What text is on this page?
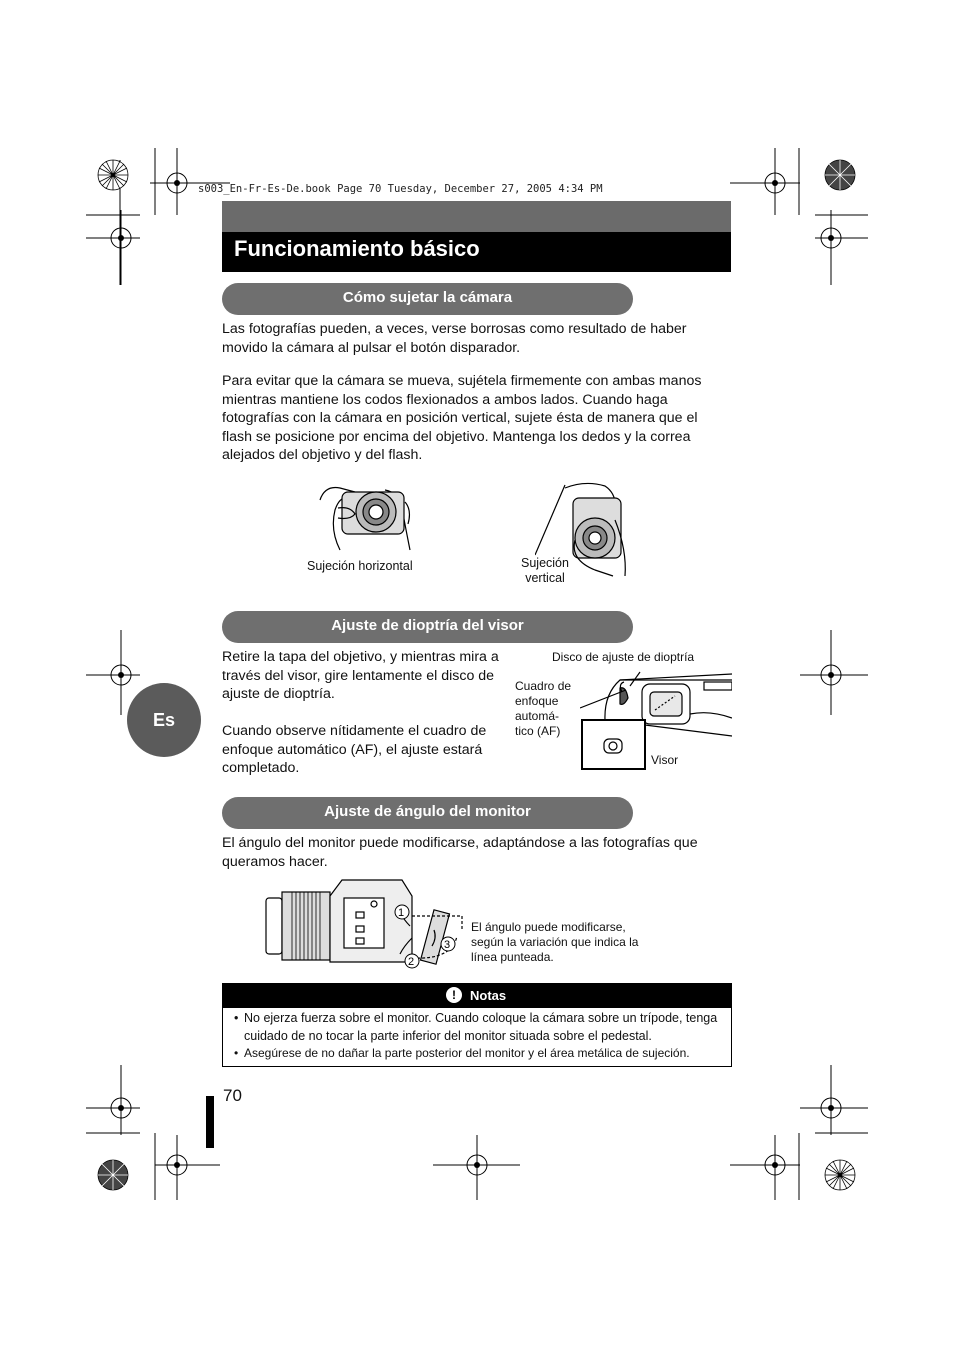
s003_En-Fr-Es-De.book Page 70 Tuesday, December 27, 2005 4:34 PM
Funcionamiento básico
Cómo sujetar la cámara
Las fotografías pueden, a veces, verse borrosas como resultado de haber movido la cámara al pulsar el botón disparador.
Para evitar que la cámara se mueva, sujétela firmemente con ambas manos mientras mantiene los codos flexionados a ambos lados. Cuando haga fotografías con la cámara en posición vertical, sujete ésta de manera que el flash se posicione por encima del objetivo. Mantenga los dedos y la correa alejados del objetivo y del flash.
Sujeción horizontal	Sujeción vertical
Ajuste de dioptría del visor
Retire la tapa del objetivo, y mientras mira a través del visor, gire lentamente el disco de ajuste de dioptría.
Cuando observe nítidamente el cuadro de enfoque automático (AF), el ajuste estará completado.
Disco de ajuste de dioptría
Cuadro de enfoque automá- tico (AF)
Visor
Es
Ajuste de ángulo del monitor
El ángulo del monitor puede modificarse, adaptándose a las fotografías que queramos hacer.
1
2
3
El ángulo puede modificarse, según la variación que indica la línea punteada.
!	Notas
• No ejerza fuerza sobre el monitor. Cuando coloque la cámara sobre un trípode, tenga cuidado de no tocar la parte inferior del monitor situada sobre el pedestal.
• Asegúrese de no dañar la parte posterior del monitor y el área metálica de sujeción.
70
